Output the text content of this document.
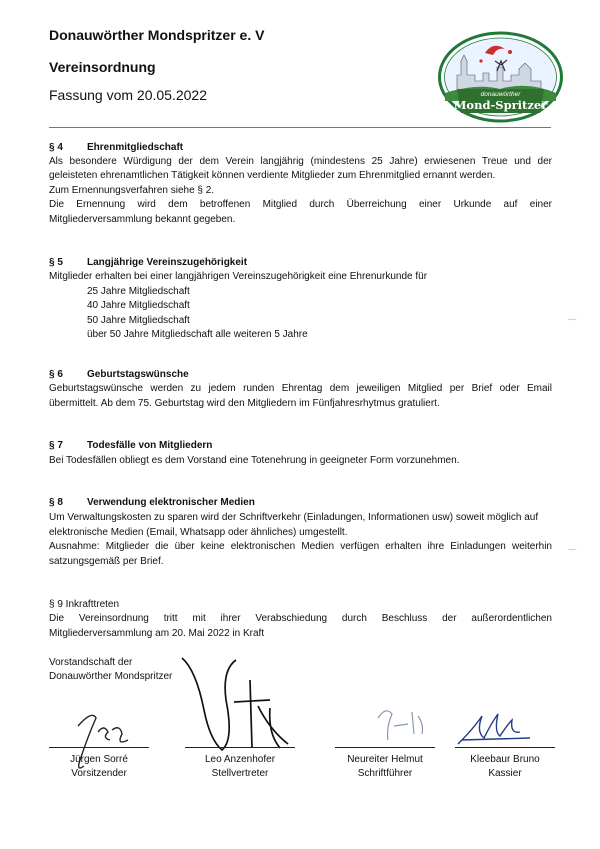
Donauwörther Mondspritzer e. V
Vereinsordnung
Fassung vom 20.05.2022	donauwörther
Mond-Spritzer
§ 4 Ehrenmitgliedschaft
Als besondere Würdigung der dem Verein langjährig (mindestens 25 Jahre) erwiesenen Treue und der
geleisteten ehrenamtlichen Tätigkeit können verdiente Mitglieder zum Ehrenmitglied ernannt werden.
Zum Ernennungsverfahren siehe § 2.
Die Ernennung wird dem betroffenen Mitglied durch Überreichung einer Urkunde auf einer
Mitgliederversammlung bekannt gegeben.
§ 5 Langjährige Vereinszugehörigkeit
Mitglieder erhalten bei einer langjährigen Vereinszugehörigkeit eine Ehrenurkunde für
25 Jahre Mitgliedschaft
40 Jahre Mitgliedschaft
50 Jahre Mitgliedschaft
über 50 Jahre Mitgliedschaft alle weiteren 5 Jahre
§ 6 Geburtstagswünsche
Geburtstagswünsche werden zu jedem runden Ehrentag dem jeweiligen Mitglied per Brief oder Email
übermittelt. Ab dem 75. Geburtstag wird den Mitgliedern im Fünfjahresrhytmus gratuliert.
§ 7 Todesfälle von Mitgliedern
Bei Todesfällen obliegt es dem Vorstand eine Totenehrung in geeigneter Form vorzunehmen.
§ 8 Verwendung elektronischer Medien
Um Verwaltungskosten zu sparen wird der Schriftverkehr (Einladungen, Informationen usw) soweit möglich auf
elektronische Medien (Email, Whatsapp oder ähnliches) umgestellt.
Ausnahme: Mitglieder die über keine elektronischen Medien verfügen erhalten ihre Einladungen weiterhin
satzungsgemäß per Brief.
§ 9 Inkrafttreten
Die Vereinsordnung tritt mit ihrer Verabschiedung durch Beschluss der außerordentlichen
Mitgliederversammlung am 20. Mai 2022 in Kraft
Vorstandschaft der
Donauwörther Mondspritzer
Jürgen Sorré
Vorsitzender
Leo Anzenhofer
Stellvertreter
Neureiter Helmut
Schriftführer
Kleebaur Bruno
Kassier
‿
‿
